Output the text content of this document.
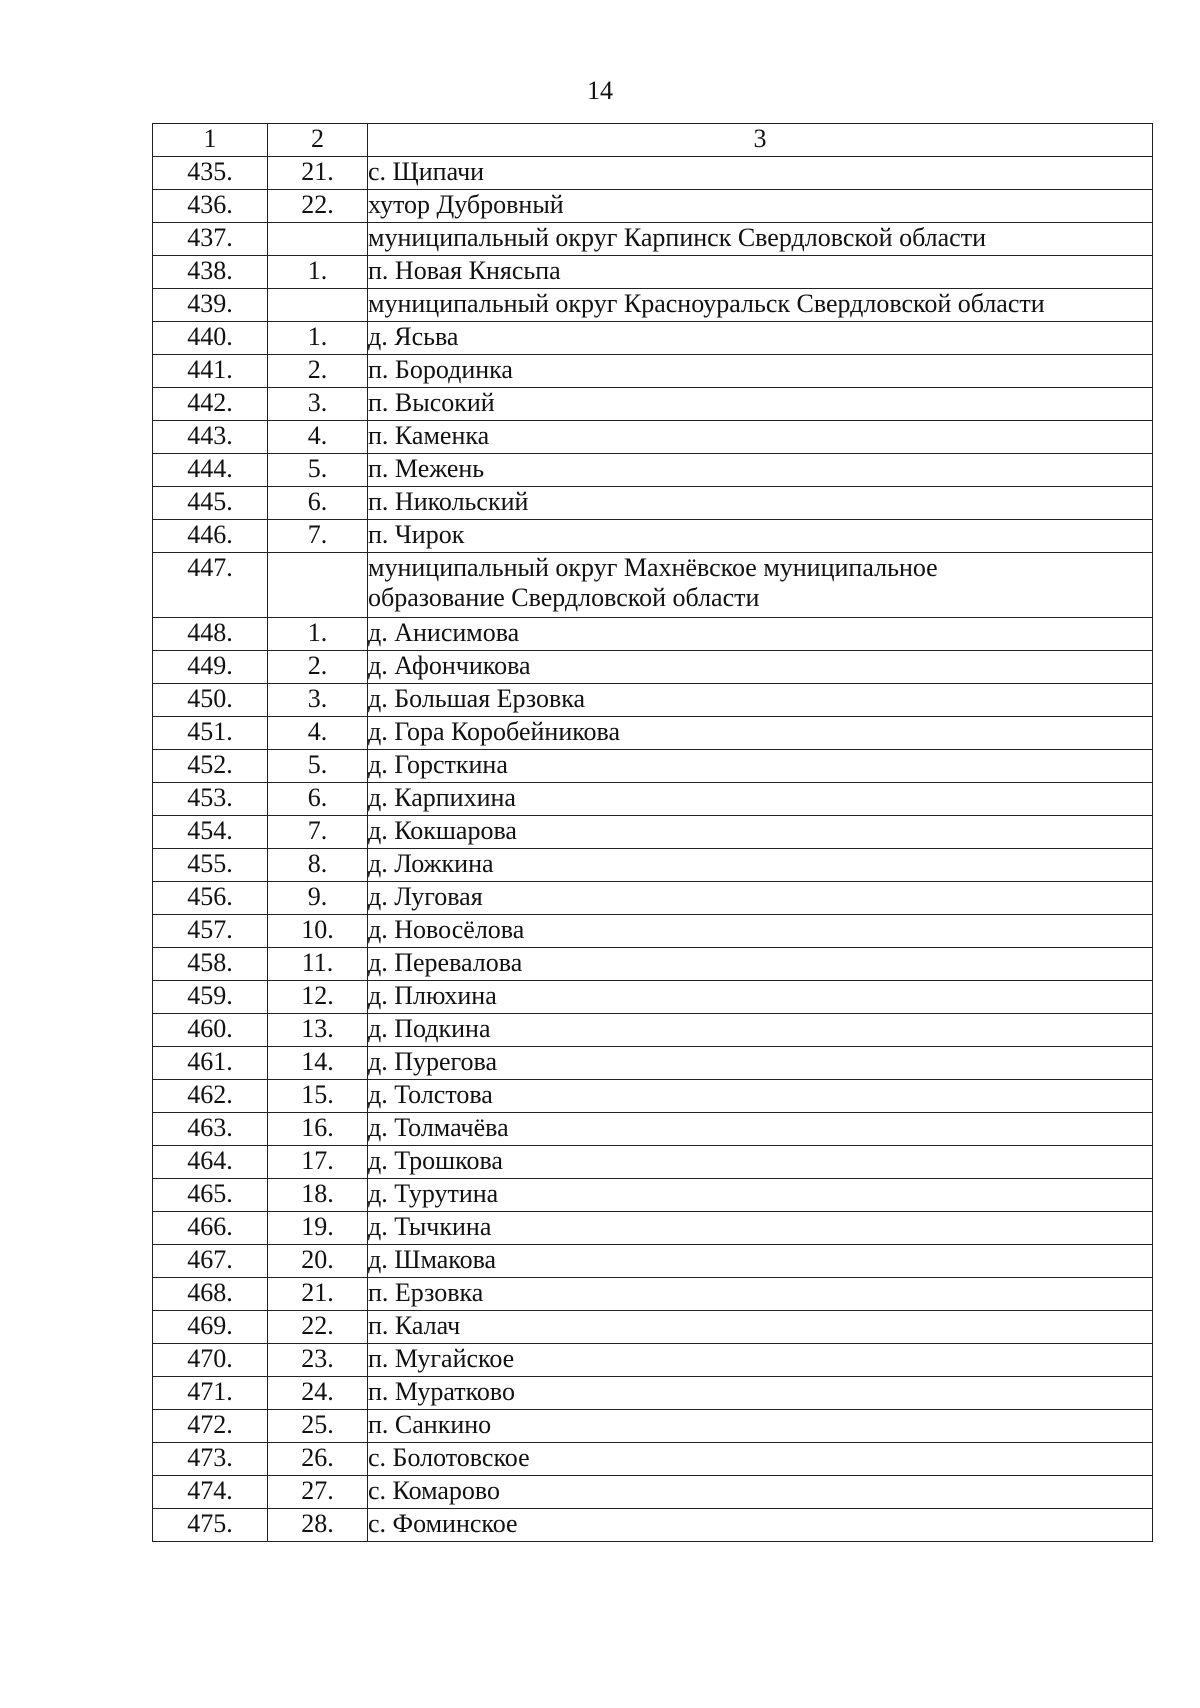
14
1	2	3
435.	21.	с. Щипачи

436.	22.	хутор Дубровный

437.		муниципальный округ Карпинск Свердловской области

438.	1.	п. Новая Княсьпа

439.		муниципальный округ Красноуральск Свердловской области

440.	1.	д. Ясьва

441.	2.	п. Бородинка

442.	3.	п. Высокий

443.	4.	п. Каменка

444.	5.	п. Межень

445.	6.	п. Никольский

446.	7.	п. Чирок

447.		муниципальный округ Махнёвское муниципальное
образование Свердловской области

448.	1.	д. Анисимова

449.	2.	д. Афончикова

450.	3.	д. Большая Ерзовка

451.	4.	д. Гора Коробейникова

452.	5.	д. Горсткина

453.	6.	д. Карпихина

454.	7.	д. Кокшарова

455.	8.	д. Ложкина

456.	9.	д. Луговая

457.	10.	д. Новосёлова

458.	11.	д. Перевалова

459.	12.	д. Плюхина

460.	13.	д. Подкина

461.	14.	д. Пурегова

462.	15.	д. Толстова

463.	16.	д. Толмачёва

464.	17.	д. Трошкова

465.	18.	д. Турутина

466.	19.	д. Тычкина

467.	20.	д. Шмакова

468.	21.	п. Ерзовка

469.	22.	п. Калач

470.	23.	п. Мугайское

471.	24.	п. Муратково

472.	25.	п. Санкино

473.	26.	с. Болотовское

474.	27.	с. Комарово

475.	28.	с. Фоминское
